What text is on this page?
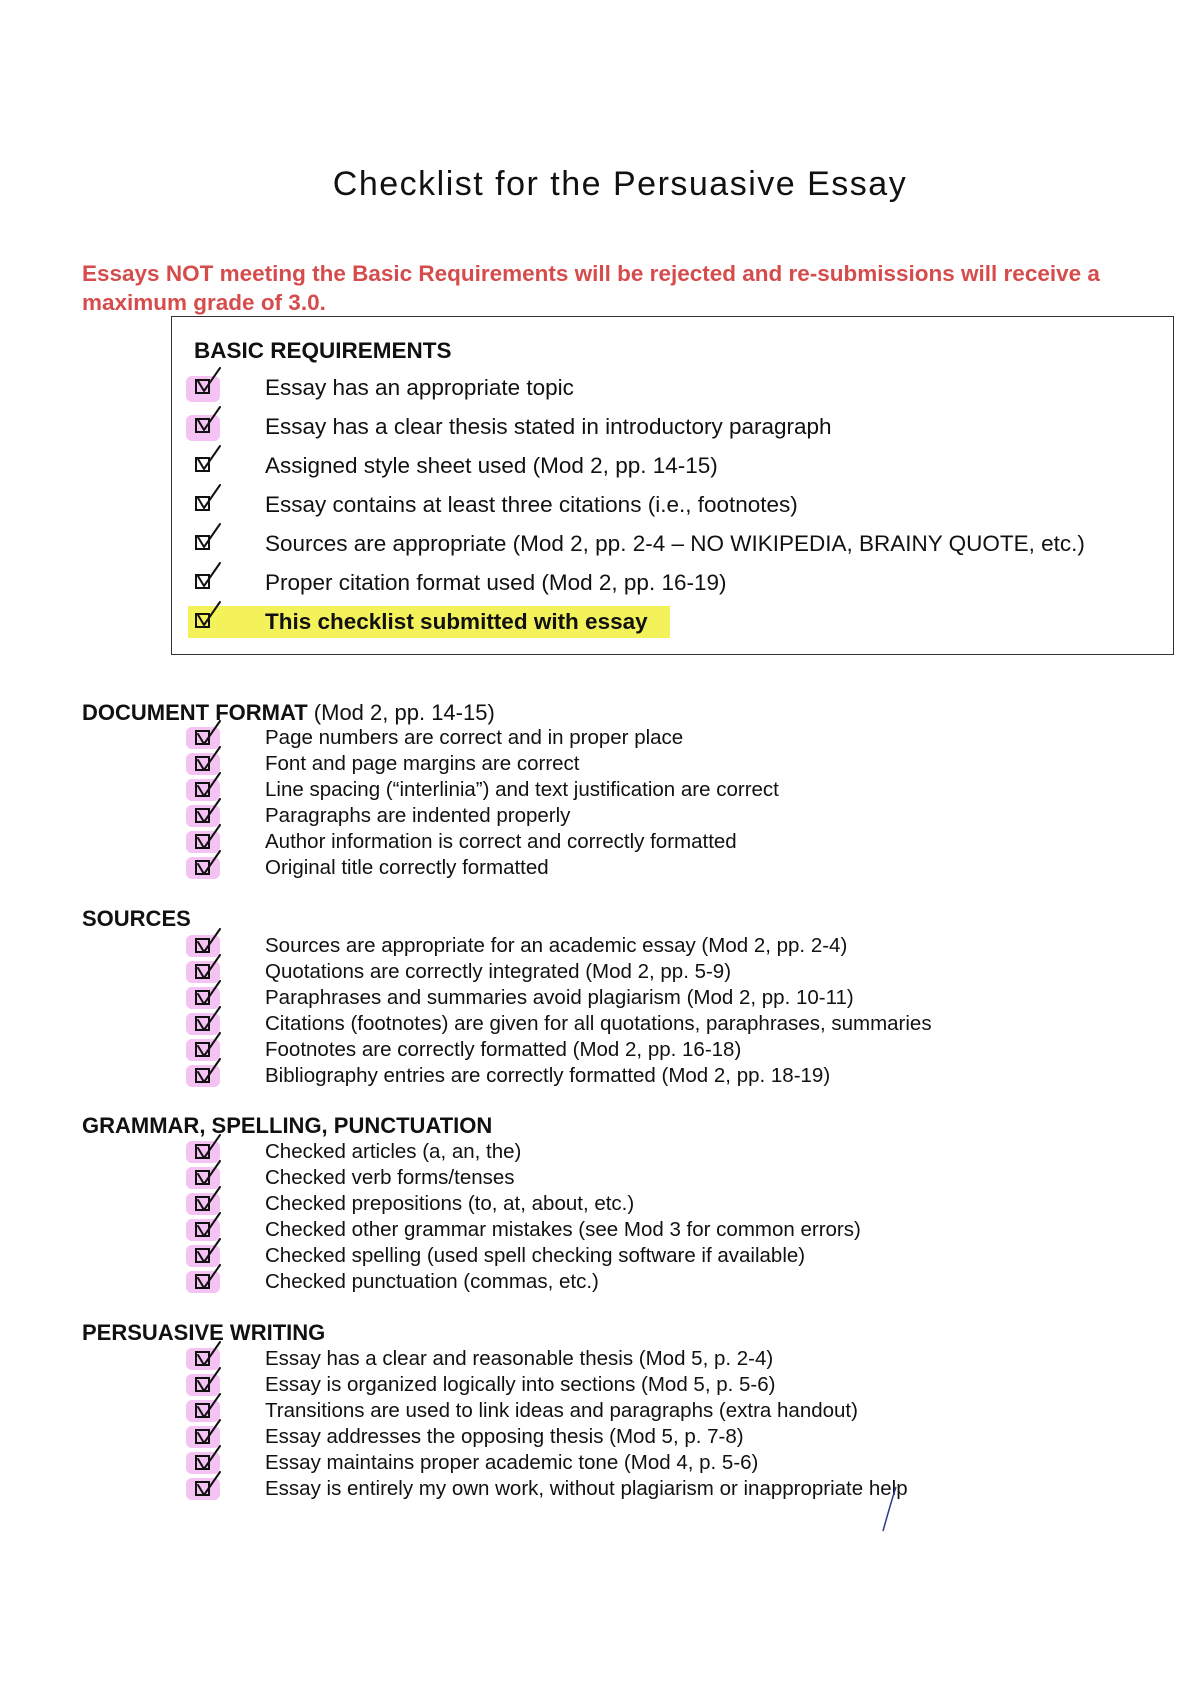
Checklist for the Persuasive Essay

Essays NOT meeting the Basic Requirements will be rejected and re-submissions will receive a maximum grade of 3.0.

BASIC REQUIREMENTS
Essay has an appropriate topic
Essay has a clear thesis stated in introductory paragraph
Assigned style sheet used (Mod 2, pp. 14-15)
Essay contains at least three citations (i.e., footnotes)
Sources are appropriate (Mod 2, pp. 2-4 – NO WIKIPEDIA, BRAINY QUOTE, etc.)
Proper citation format used (Mod 2, pp. 16-19)
This checklist submitted with essay
DOCUMENT FORMAT (Mod 2, pp. 14-15)
Page numbers are correct and in proper place
Font and page margins are correct
Line spacing (“interlinia”) and text justification are correct
Paragraphs are indented properly
Author information is correct and correctly formatted
Original title correctly formatted
SOURCES
Sources are appropriate for an academic essay (Mod 2, pp. 2-4)
Quotations are correctly integrated (Mod 2, pp. 5-9)
Paraphrases and summaries avoid plagiarism (Mod 2, pp. 10-11)
Citations (footnotes) are given for all quotations, paraphrases, summaries
Footnotes are correctly formatted (Mod 2, pp. 16-18)
Bibliography entries are correctly formatted (Mod 2, pp. 18-19)
GRAMMAR, SPELLING, PUNCTUATION
Checked articles (a, an, the)
Checked verb forms/tenses
Checked prepositions (to, at, about, etc.)
Checked other grammar mistakes (see Mod 3 for common errors)
Checked spelling (used spell checking software if available)
Checked punctuation (commas, etc.)
PERSUASIVE WRITING
Essay has a clear and reasonable thesis (Mod 5, p. 2-4)
Essay is organized logically into sections (Mod 5, p. 5-6)
Transitions are used to link ideas and paragraphs (extra handout)
Essay addresses the opposing thesis (Mod 5, p. 7-8)
Essay maintains proper academic tone (Mod 4, p. 5-6)
Essay is entirely my own work, without plagiarism or inappropriate help
